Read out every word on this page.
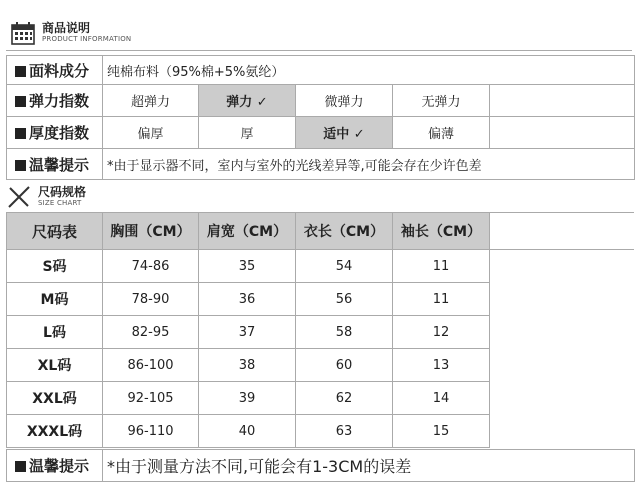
商品说明
PRODUCT INFORMATION
面料成分	纯棉布料（95%棉+5%氨纶）				
弹力指数	超弹力	弹力 ✓	微弹力	无弹力	
厚度指数	偏厚	厚	适中 ✓	偏薄	
温馨提示	*由于显示器不同，室内与室外的光线差异等,可能会存在少许色差				
尺码规格
SIZE CHART
尺码表	胸围（CM）	肩宽（CM）	衣长（CM）	袖长（CM）
S码	74-86	35	54	11
M码	78-90	36	56	11
L码	82-95	37	58	12
XL码	86-100	38	60	13
XXL码	92-105	39	62	14
XXXL码	96-110	40	63	15
温馨提示	*由于测量方法不同,可能会有1-3CM的误差
